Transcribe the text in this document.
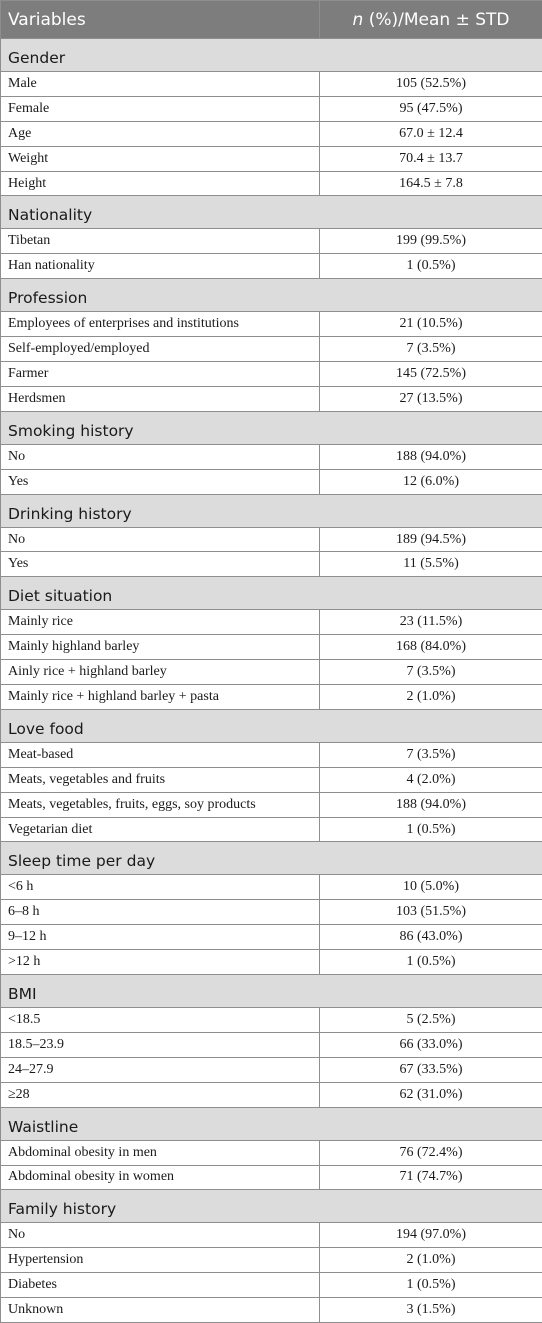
Variables	n (%)/Mean ± STD
Gender	
Male	105 (52.5%)
Female	95 (47.5%)
Age	67.0 ± 12.4
Weight	70.4 ± 13.7
Height	164.5 ± 7.8
Nationality	
Tibetan	199 (99.5%)
Han nationality	1 (0.5%)
Profession	
Employees of enterprises and institutions	21 (10.5%)
Self-employed/employed	7 (3.5%)
Farmer	145 (72.5%)
Herdsmen	27 (13.5%)
Smoking history	
No	188 (94.0%)
Yes	12 (6.0%)
Drinking history	
No	189 (94.5%)
Yes	11 (5.5%)
Diet situation	
Mainly rice	23 (11.5%)
Mainly highland barley	168 (84.0%)
Ainly rice + highland barley	7 (3.5%)
Mainly rice + highland barley + pasta	2 (1.0%)
Love food	
Meat-based	7 (3.5%)
Meats, vegetables and fruits	4 (2.0%)
Meats, vegetables, fruits, eggs, soy products	188 (94.0%)
Vegetarian diet	1 (0.5%)
Sleep time per day	
<6 h	10 (5.0%)
6–8 h	103 (51.5%)
9–12 h	86 (43.0%)
>12 h	1 (0.5%)
BMI	
<18.5	5 (2.5%)
18.5–23.9	66 (33.0%)
24–27.9	67 (33.5%)
≥28	62 (31.0%)
Waistline	
Abdominal obesity in men	76 (72.4%)
Abdominal obesity in women	71 (74.7%)
Family history	
No	194 (97.0%)
Hypertension	2 (1.0%)
Diabetes	1 (0.5%)
Unknown	3 (1.5%)
